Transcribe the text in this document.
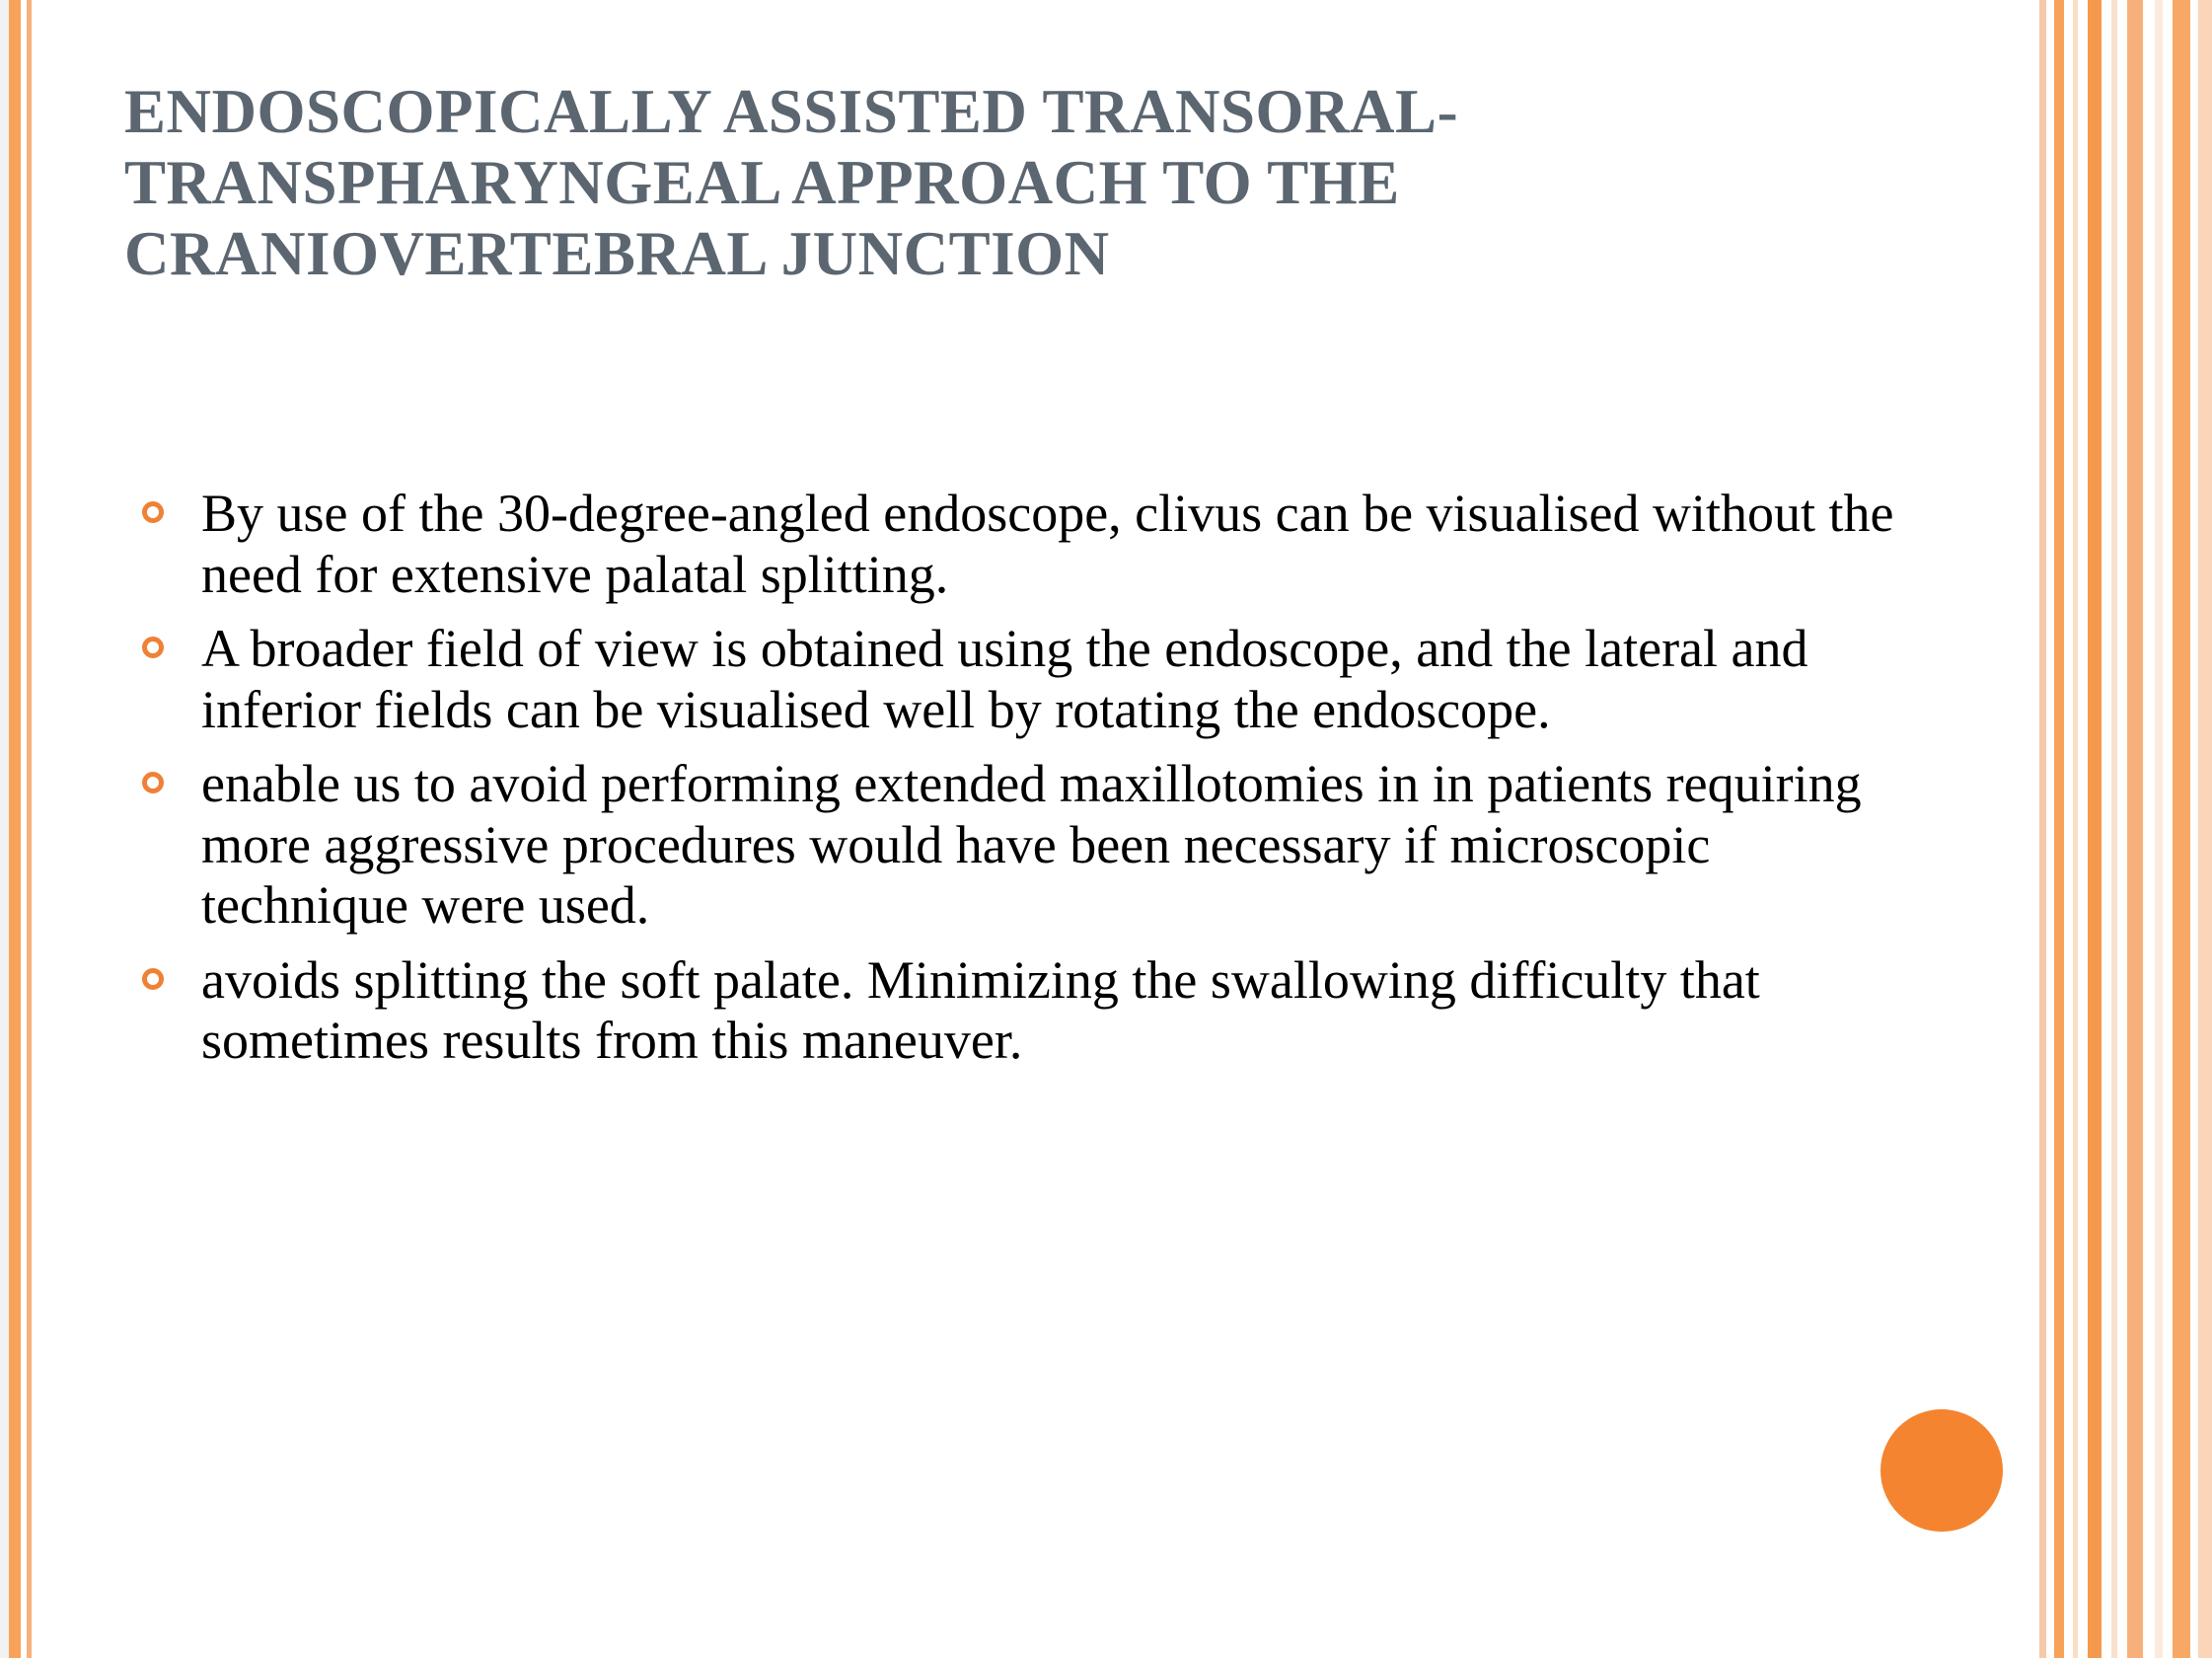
ENDOSCOPICALLY ASSISTED TRANSORAL-TRANSPHARYNGEAL APPROACH TO THE CRANIOVERTEBRAL JUNCTION
By use of the 30-degree-angled endoscope, clivus can be visualised without the need for extensive palatal splitting.
A broader field of view is obtained using the endoscope, and the lateral and inferior fields can be visualised well by rotating the endoscope.
enable us to avoid performing extended maxillotomies in in patients requiring more aggressive procedures would have been necessary if microscopic technique were used.
avoids splitting the soft palate. Minimizing the swallowing difficulty that sometimes results from this maneuver.
